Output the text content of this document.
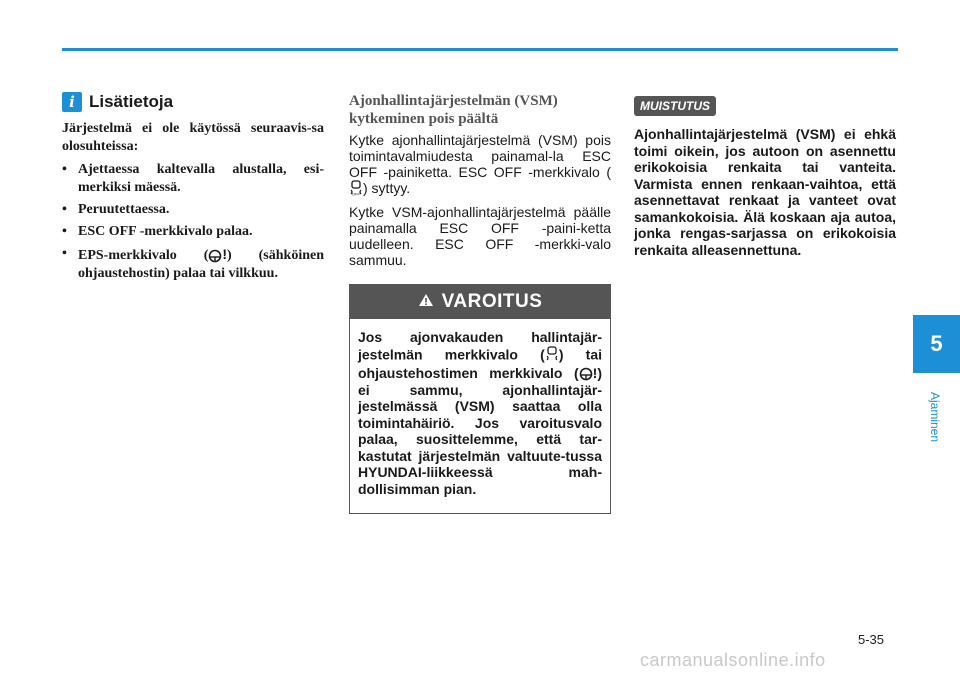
i Lisätietoja

Järjestelmä ei ole käytössä seuraavis-sa olosuhteissa:

• Ajettaessa kaltevalla alustalla, esi-merkiksi mäessä.
• Peruutettaessa.
• ESC OFF -merkkivalo palaa.
• EPS-merkkivalo ( !) (sähköinen ohjaustehostin) palaa tai vilkkuu.

Ajonhallintajärjestelmän (VSM) kytkeminen pois päältä

Kytke ajonhallintajärjestelmä (VSM) pois toimintavalmiudesta painamal-la ESC OFF -painiketta. ESC OFF -merkkivalo (
OFF ) syttyy.

Kytke VSM-ajonhallintajärjestelmä päälle painamalla ESC OFF -paini-ketta uudelleen. ESC OFF -merkki-valo sammuu.

VAROITUS
Jos ajonvakauden hallintajär-jestelmän merkkivalo ( ) tai ohjaustehostimen merkkivalo ( !) ei sammu, ajonhallintajär-jestelmässä (VSM) saattaa olla toimintahäiriö. Jos varoitusvalo palaa, suosittelemme, että tar-kastutat järjestelmän valtuute-tussa HYUNDAI-liikkeessä mah-dollisimman pian.
MUISTUTUS

Ajonhallintajärjestelmä (VSM) ei ehkä toimi oikein, jos autoon on asennettu erikokoisia renkaita tai vanteita. Varmista ennen renkaan-vaihtoa, että asennettavat renkaat ja vanteet ovat samankokoisia. Älä koskaan aja autoa, jonka rengas-sarjassa on erikokoisia renkaita alleasennettuna.

5
Ajaminen
5-35
carmanualsonline.info
